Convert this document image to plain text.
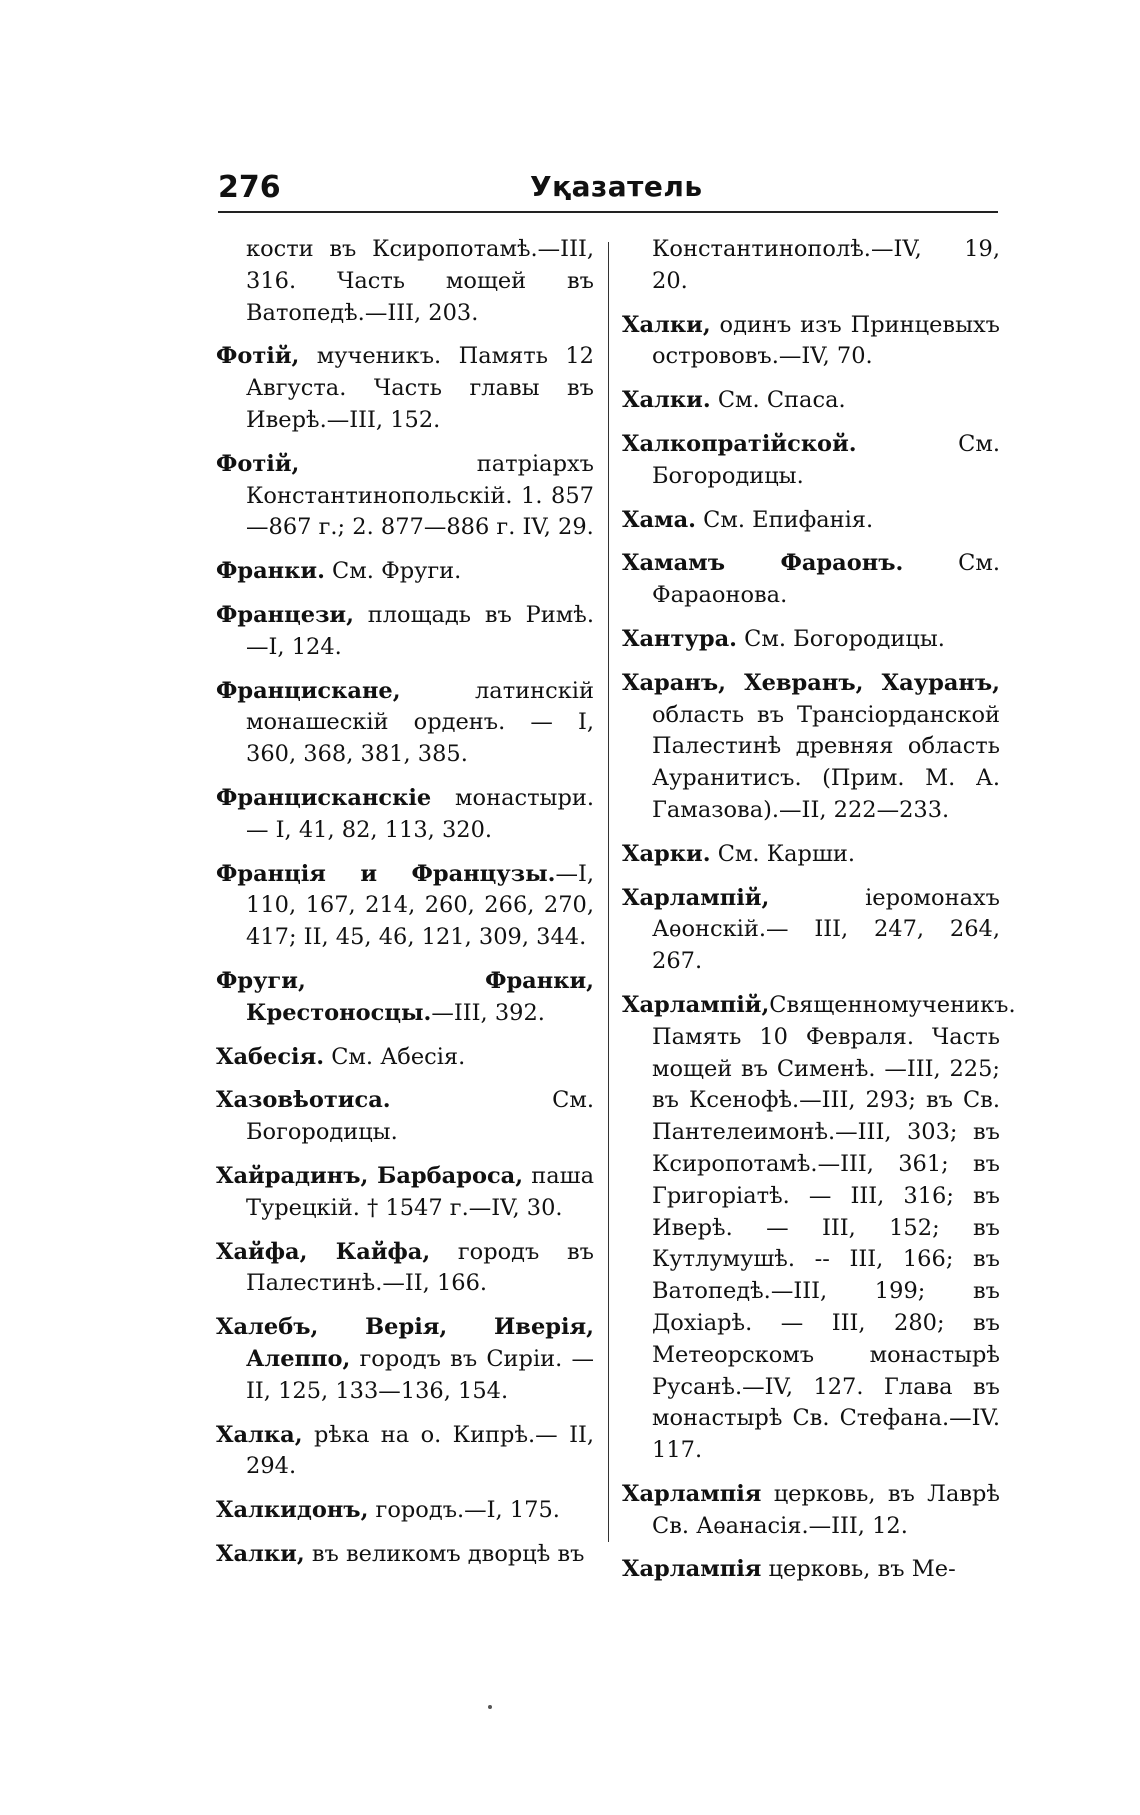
276	Уқазатель

кости въ Ксиропотамѣ.—III, 316. Часть мощей въ Ватопедѣ.—III, 203.

Фотій, мученикъ. Память 12 Августа. Часть главы въ Иверѣ.—III, 152.

Фотій, патріархъ Константинопольскій. 1. 857—867 г.; 2. 877—886 г. IV, 29.

Франки. См. Фруги.

Францези, площадь въ Римѣ. —I, 124.

Францисканe, латинскій монашескій орденъ. — I, 360, 368, 381, 385.

Францисканскіе монастыри.— I, 41, 82, 113, 320.

Франція и Французы.—I, 110, 167, 214, 260, 266, 270, 417; II, 45, 46, 121, 309, 344.

Фруги, Франки, Крестоносцы.—III, 392.

Хабесія. См. Абесія.

Хазовѣотиса. См. Богородицы.

Хайрадинъ, Барбароса, паша Турецкій. † 1547 г.—IV, 30.

Хайфа, Кайфа, городъ въ Палестинѣ.—II, 166.

Халебъ, Верія, Иверія, Алеппо, городъ въ Сиріи. — II, 125, 133—136, 154.

Халка, рѣка на о. Кипрѣ.— II, 294.

Халкидонъ, городъ.—I, 175.

Халки, въ великомъ дворцѣ въ

Константинополѣ.—IV, 19, 20.

Халки, одинъ изъ Принцевыхъ острововъ.—IV, 70.

Халки. См. Спаса.

Халкопратійской. См. Богородицы.

Хама. См. Епифанія.

Хамамъ Фараонъ. См. Фараонова.

Хантура. См. Богородицы.

Харанъ, Хевранъ, Хауранъ, область въ Трансіорданской Палестинѣ древняя область Ауранитисъ. (Прим. М. А. Гамазова).—II, 222—233.

Харки. См. Карши.

Харлампій, іеромонахъ Аѳонскій.— III, 247, 264, 267.

Харлампій,Священномученикъ. Память 10 Февраля. Часть мощей въ Сименѣ. —III, 225; въ Ксенофѣ.—III, 293; въ Св. Пантелеимонѣ.—III, 303; въ Ксиропотамѣ.—III, 361; въ Григоріатѣ. — III, 316; въ Иверѣ. — III, 152; въ Кутлумушѣ. -- III, 166; въ Ватопедѣ.—III, 199; въ Дохіарѣ. — III, 280; въ Метеорскомъ монастырѣ Русанѣ.—IV, 127. Глава въ монастырѣ Св. Стефана.—IV. 117.

Харлампія церковь, въ Лаврѣ Св. Аѳанасія.—III, 12.

Харлампія церковь, въ Ме-
